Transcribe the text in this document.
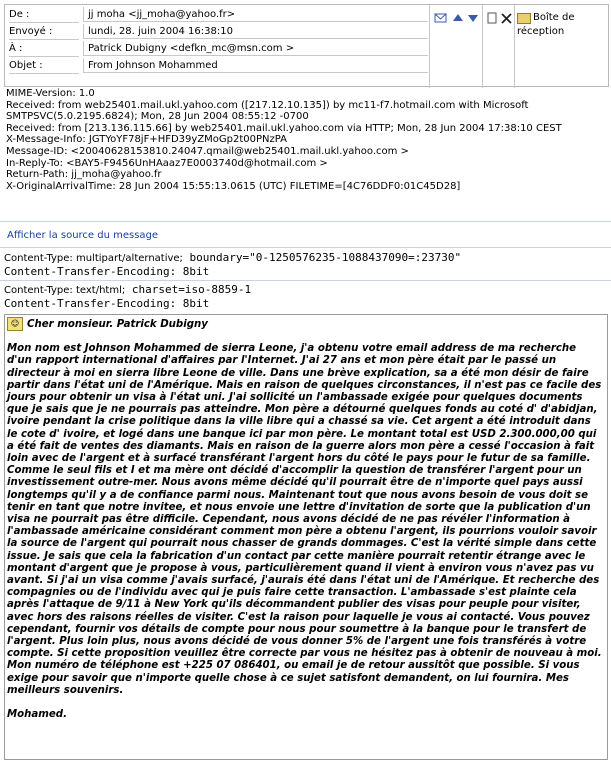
De :	jj moha <jj_moha@yahoo.fr>
Envoyé :	lundi, 28. juin 2004 16:38:10
À :	Patrick Dubigny <defkn_mc@msn.com >
Objet :	From Johnson Mohammed
Boîte de réception
MIME-Version: 1.0
Received: from web25401.mail.ukl.yahoo.com ([217.12.10.135]) by mc11-f7.hotmail.com with Microsoft
SMTPSVC(5.0.2195.6824); Mon, 28 Jun 2004 08:55:12 -0700
Received: from [213.136.115.66] by web25401.mail.ukl.yahoo.com via HTTP; Mon, 28 Jun 2004 17:38:10 CEST
X-Message-Info: JGTYoYF78jF+HFD39yZMoGp2t00PNzPA
Message-ID: <20040628153810.24047.qmail@web25401.mail.ukl.yahoo.com >
In-Reply-To: <BAY5-F9456UnHAaaz7E0003740d@hotmail.com >
Return-Path: jj_moha@yahoo.fr
X-OriginalArrivalTime: 28 Jun 2004 15:55:13.0615 (UTC) FILETIME=[4C76DDF0:01C45D28]
Afficher la source du message
Content-Type: multipart/alternative; boundary="0-1250576235-1088437090=:23730"
Content-Transfer-Encoding: 8bit
Content-Type: text/html; charset=iso-8859-1
Content-Transfer-Encoding: 8bit

☺ Cher monsieur. Patrick Dubigny

Mon nom est Johnson Mohammed de sierra Leone, j'a obtenu votre email address de ma recherche d'un rapport international d'affaires par l'Internet. J'ai 27 ans et mon père était par le passé un directeur à moi en sierra libre Leone de ville. Dans une brève explication, sa a été mon désir de faire partir dans l'état uni de l'Amérique. Mais en raison de quelques circonstances, il n'est pas ce facile des jours pour obtenir un visa à l'état uni. J'ai sollicité un l'ambassade exigée pour quelques documents que je sais que je ne pourrais pas atteindre. Mon père a détourné quelques fonds au coté d' d'abidjan, ivoire pendant la crise politique dans la ville libre qui a chassé sa vie. Cet argent a été introduit dans le cote d' ivoire, et logé dans une banque ici par mon père. Le montant total est USD 2.300.000,00 qui a été fait de ventes des diamants. Mais en raison de la guerre alors mon père a cessé l'occasion à fait loin avec de l'argent et à surfacé transférant l'argent hors du côté le pays pour le futur de sa famille. Comme le seul fils et I et ma mère ont décidé d'accomplir la question de transférer l'argent pour un investissement outre-mer. Nous avons même décidé qu'il pourrait être de n'importe quel pays aussi longtemps qu'il y a de confiance parmi nous. Maintenant tout que nous avons besoin de vous doit se tenir en tant que notre invitee, et nous envoie une lettre d'invitation de sorte que la publication d'un visa ne pourrait pas être difficile. Cependant, nous avons décidé de ne pas révéler l'information à l'ambassade américaine considérant comment mon père a obtenu l'argent, ils pourrions vouloir savoir la source de l'argent qui pourrait nous chasser de grands dommages. C'est la vérité simple dans cette issue. Je sais que cela la fabrication d'un contact par cette manière pourrait retentir étrange avec le montant d'argent que je propose à vous, particulièrement quand il vient à environ vous n'avez pas vu avant. Si j'ai un visa comme j'avais surfacé, j'aurais été dans l'état uni de l'Amérique. Et recherche des compagnies ou de l'individu avec qui je puis faire cette transaction. L'ambassade s'est plainte cela après l'attaque de 9/11 à New York qu'ils décommandent publier des visas pour peuple pour visiter, avec hors des raisons réelles de visiter. C'est la raison pour laquelle je vous ai contacté. Vous pouvez cependant, fournir vos détails de compte pour nous pour soumettre à la banque pour le transfert de l'argent. Plus loin plus, nous avons décidé de vous donner 5% de l'argent une fois transférés à votre compte. Si cette proposition veuillez être correcte par vous ne hésitez pas à obtenir de nouveau à moi. Mon numéro de téléphone est +225 07 086401, ou email je de retour aussitôt que possible. Si vous exige pour savoir que n'importe quelle chose à ce sujet satisfont demandent, on lui fournira. Mes meilleurs souvenirs.

Mohamed.
